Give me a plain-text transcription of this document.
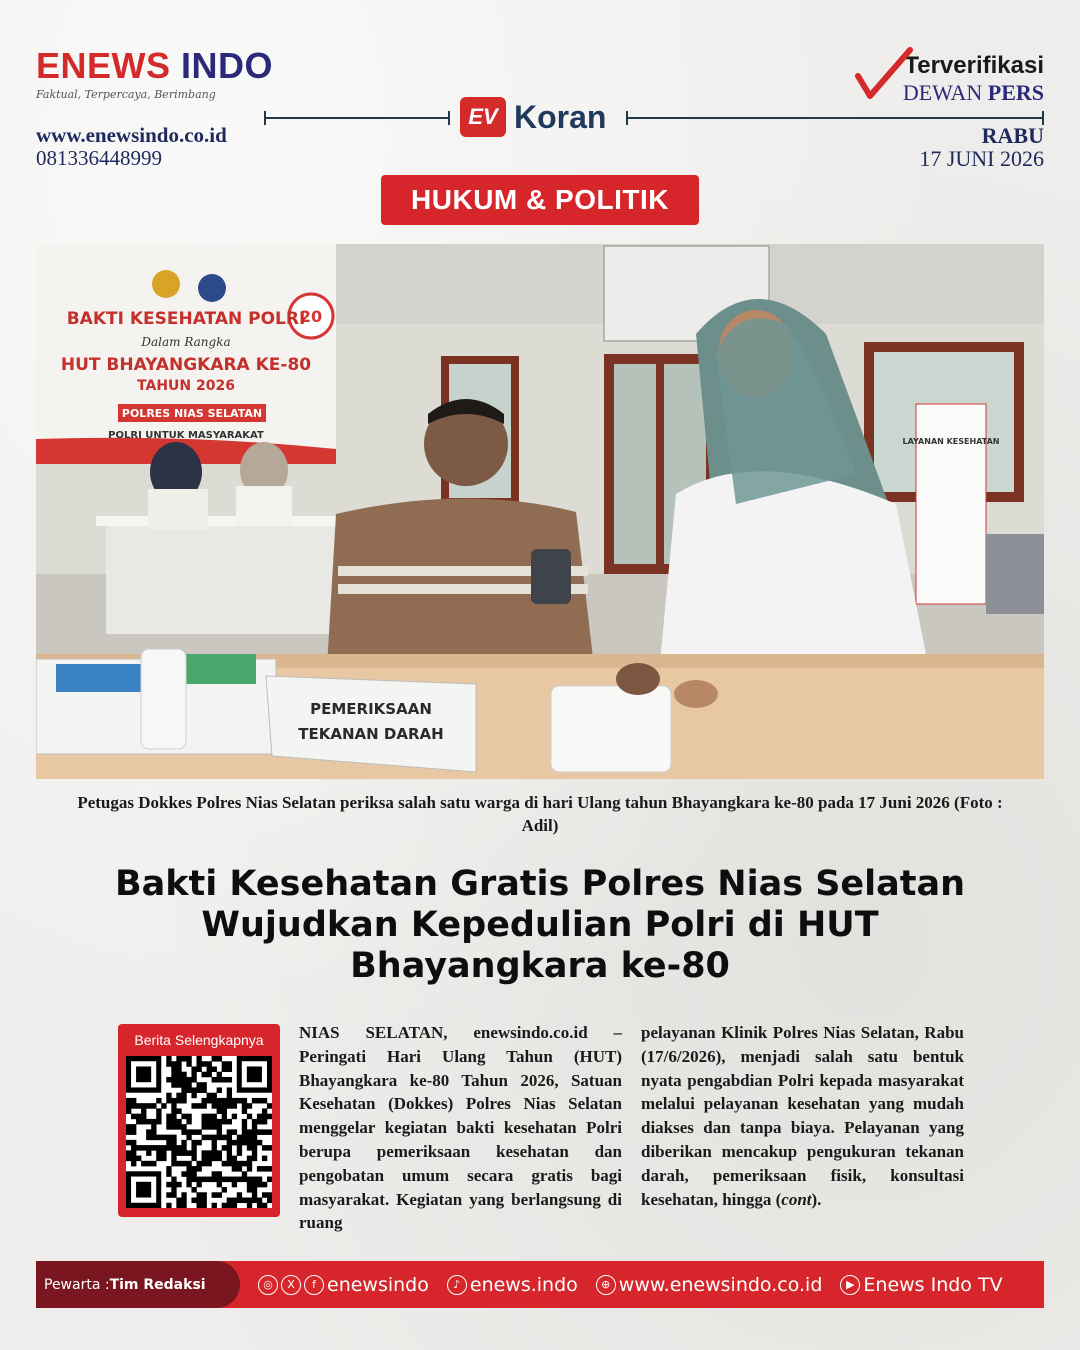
ENEWS INDO
Faktual, Terpercaya, Berimbang
www.enewsindo.co.id
081336448999
EV Koran
Terverifikasi
DEWAN PERS
RABU
17 JUNI 2026
HUKUM & POLITIK
20
BAKTI KESEHATAN POLRI
Dalam Rangka
HUT BHAYANGKARA KE-80
TAHUN 2026
POLRES NIAS SELATAN
POLRI UNTUK MASYARAKAT
LAYANAN KESEHATAN
PEMERIKSAAN
TEKANAN DARAH
Petugas Dokkes Polres Nias Selatan periksa salah satu warga di hari Ulang tahun Bhayangkara ke-80 pada 17 Juni 2026 (Foto : Adil)
Bakti Kesehatan Gratis Polres Nias Selatan Wujudkan Kepedulian Polri di HUT Bhayangkara ke-80
Berita Selengkapnya	NIAS SELATAN, enewsindo.co.id – Peringati Hari Ulang Tahun (HUT) Bhayangkara ke-80 Tahun 2026, Satuan Kesehatan (Dokkes) Polres Nias Selatan menggelar kegiatan bakti kesehatan Polri berupa pemeriksaan kesehatan dan pengobatan umum secara gratis bagi masyarakat. Kegiatan yang berlangsung di ruang
pelayanan Klinik Polres Nias Selatan, Rabu (17/6/2026), menjadi salah satu bentuk nyata pengabdian Polri kepada masyarakat melalui pelayanan kesehatan yang mudah diakses dan tanpa biaya. Pelayanan yang diberikan mencakup pengukuran tekanan darah, pemeriksaan fisik, konsultasi kesehatan, hingga (cont).
Pewarta : Tim Redaksi	◎	X	f enewsindo	♪ enews.indo	⊕ www.enewsindo.co.id	▶ Enews Indo TV
